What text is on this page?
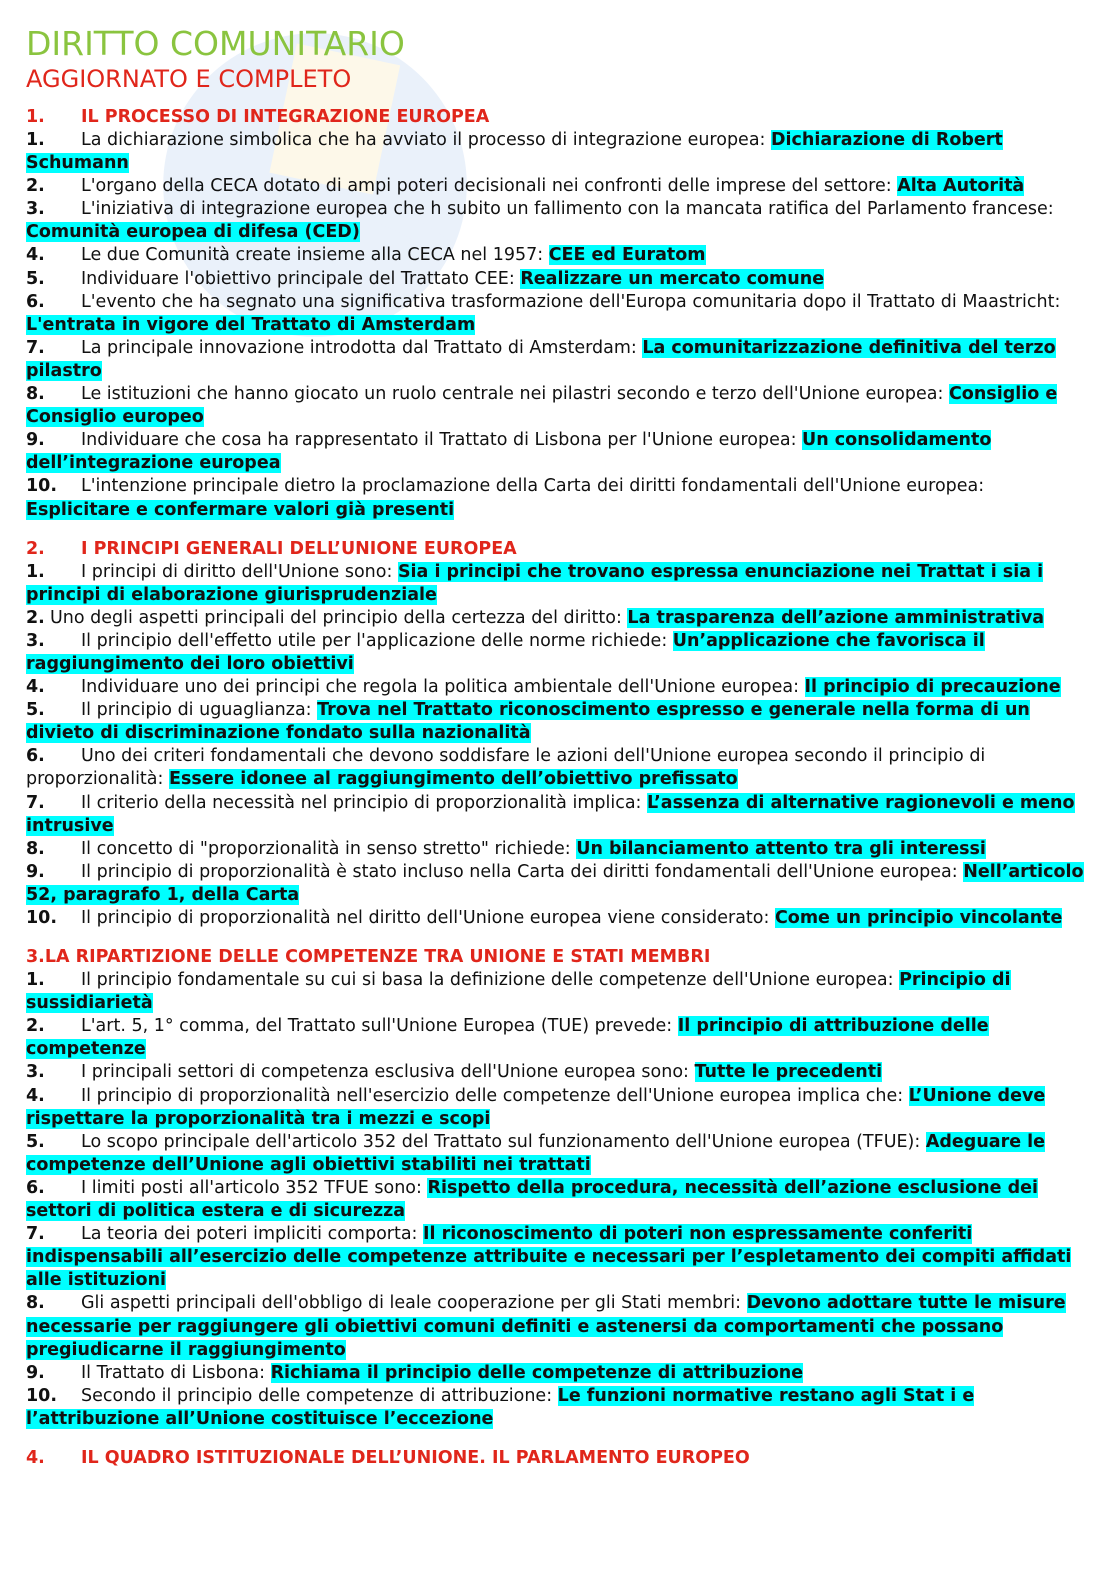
DIRITTO COMUNITARIO
AGGIORNATO E COMPLETO
1. IL PROCESSO DI INTEGRAZIONE EUROPEA
1. La dichiarazione simbolica che ha avviato il processo di integrazione europea: Dichiarazione di Robert Schumann
2. L'organo della CECA dotato di ampi poteri decisionali nei confronti delle imprese del settore: Alta Autorità
3. L'iniziativa di integrazione europea che h subito un fallimento con la mancata ratifica del Parlamento francese: Comunità europea di difesa (CED)
4. Le due Comunità create insieme alla CECA nel 1957: CEE ed Euratom
5. Individuare l'obiettivo principale del Trattato CEE: Realizzare un mercato comune
6. L'evento che ha segnato una significativa trasformazione dell'Europa comunitaria dopo il Trattato di Maastricht: L'entrata in vigore del Trattato di Amsterdam
7. La principale innovazione introdotta dal Trattato di Amsterdam: La comunitarizzazione definitiva del terzo pilastro
8. Le istituzioni che hanno giocato un ruolo centrale nei pilastri secondo e terzo dell'Unione europea: Consiglio e Consiglio europeo
9. Individuare che cosa ha rappresentato il Trattato di Lisbona per l'Unione europea: Un consolidamento dell’integrazione europea
10. L'intenzione principale dietro la proclamazione della Carta dei diritti fondamentali dell'Unione europea: Esplicitare e confermare valori già presenti
2. I PRINCIPI GENERALI DELL’UNIONE EUROPEA
1. I principi di diritto dell'Unione sono: Sia i principi che trovano espressa enunciazione nei Trattat i sia i principi di elaborazione giurisprudenziale
2. Uno degli aspetti principali del principio della certezza del diritto: La trasparenza dell’azione amministrativa
3. Il principio dell'effetto utile per l'applicazione delle norme richiede: Un’applicazione che favorisca il raggiungimento dei loro obiettivi
4. Individuare uno dei principi che regola la politica ambientale dell'Unione europea: Il principio di precauzione
5. Il principio di uguaglianza: Trova nel Trattato riconoscimento espresso e generale nella forma di un divieto di discriminazione fondato sulla nazionalità
6. Uno dei criteri fondamentali che devono soddisfare le azioni dell'Unione europea secondo il principio di proporzionalità: Essere idonee al raggiungimento dell’obiettivo prefissato
7. Il criterio della necessità nel principio di proporzionalità implica: L’assenza di alternative ragionevoli e meno intrusive
8. Il concetto di "proporzionalità in senso stretto" richiede: Un bilanciamento attento tra gli interessi
9. Il principio di proporzionalità è stato incluso nella Carta dei diritti fondamentali dell'Unione europea: Nell’articolo 52, paragrafo 1, della Carta
10. Il principio di proporzionalità nel diritto dell'Unione europea viene considerato: Come un principio vincolante
3.LA RIPARTIZIONE DELLE COMPETENZE TRA UNIONE E STATI MEMBRI
1. Il principio fondamentale su cui si basa la definizione delle competenze dell'Unione europea: Principio di sussidiarietà
2. L'art. 5, 1° comma, del Trattato sull'Unione Europea (TUE) prevede: Il principio di attribuzione delle competenze
3. I principali settori di competenza esclusiva dell'Unione europea sono: Tutte le precedenti
4. Il principio di proporzionalità nell'esercizio delle competenze dell'Unione europea implica che: L’Unione deve rispettare la proporzionalità tra i mezzi e scopi
5. Lo scopo principale dell'articolo 352 del Trattato sul funzionamento dell'Unione europea (TFUE): Adeguare le competenze dell’Unione agli obiettivi stabiliti nei trattati
6. I limiti posti all'articolo 352 TFUE sono: Rispetto della procedura, necessità dell’azione esclusione dei settori di politica estera e di sicurezza
7. La teoria dei poteri impliciti comporta: Il riconoscimento di poteri non espressamente conferiti indispensabili all’esercizio delle competenze attribuite e necessari per l’espletamento dei compiti affidati alle istituzioni
8. Gli aspetti principali dell'obbligo di leale cooperazione per gli Stati membri: Devono adottare tutte le misure necessarie per raggiungere gli obiettivi comuni definiti e astenersi da comportamenti che possano pregiudicarne il raggiungimento
9. Il Trattato di Lisbona: Richiama il principio delle competenze di attribuzione
10. Secondo il principio delle competenze di attribuzione: Le funzioni normative restano agli Stat i e l’attribuzione all’Unione costituisce l’eccezione
4. IL QUADRO ISTITUZIONALE DELL’UNIONE. IL PARLAMENTO EUROPEO
